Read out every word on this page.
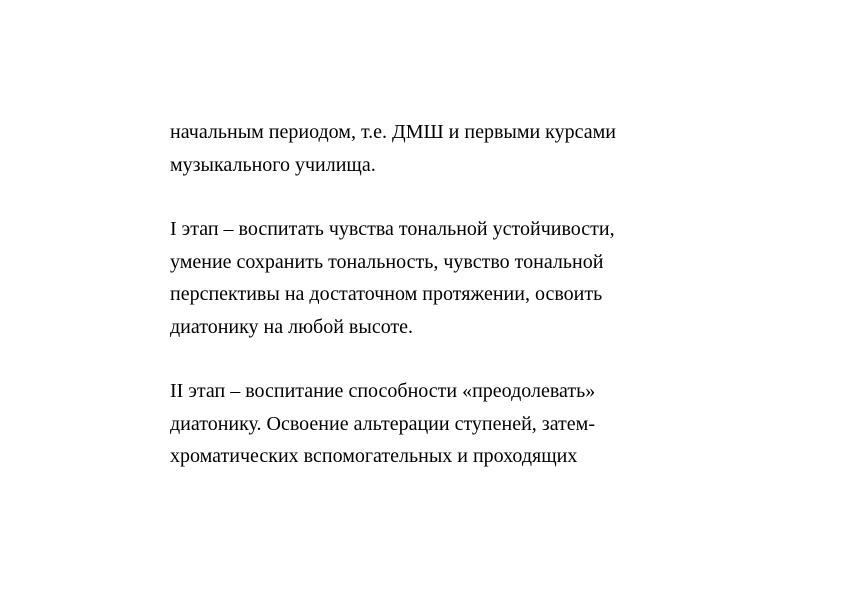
начальным периодом, т.е. ДМШ и первыми курсами
музыкального училища.

I этап – воспитать чувства тональной устойчивости,
умение сохранить тональность, чувство тональной
перспективы на достаточном протяжении, освоить
диатонику на любой высоте.

II этап – воспитание способности «преодолевать»
диатонику. Освоение альтерации ступеней, затем-
хроматических вспомогательных и проходящих
